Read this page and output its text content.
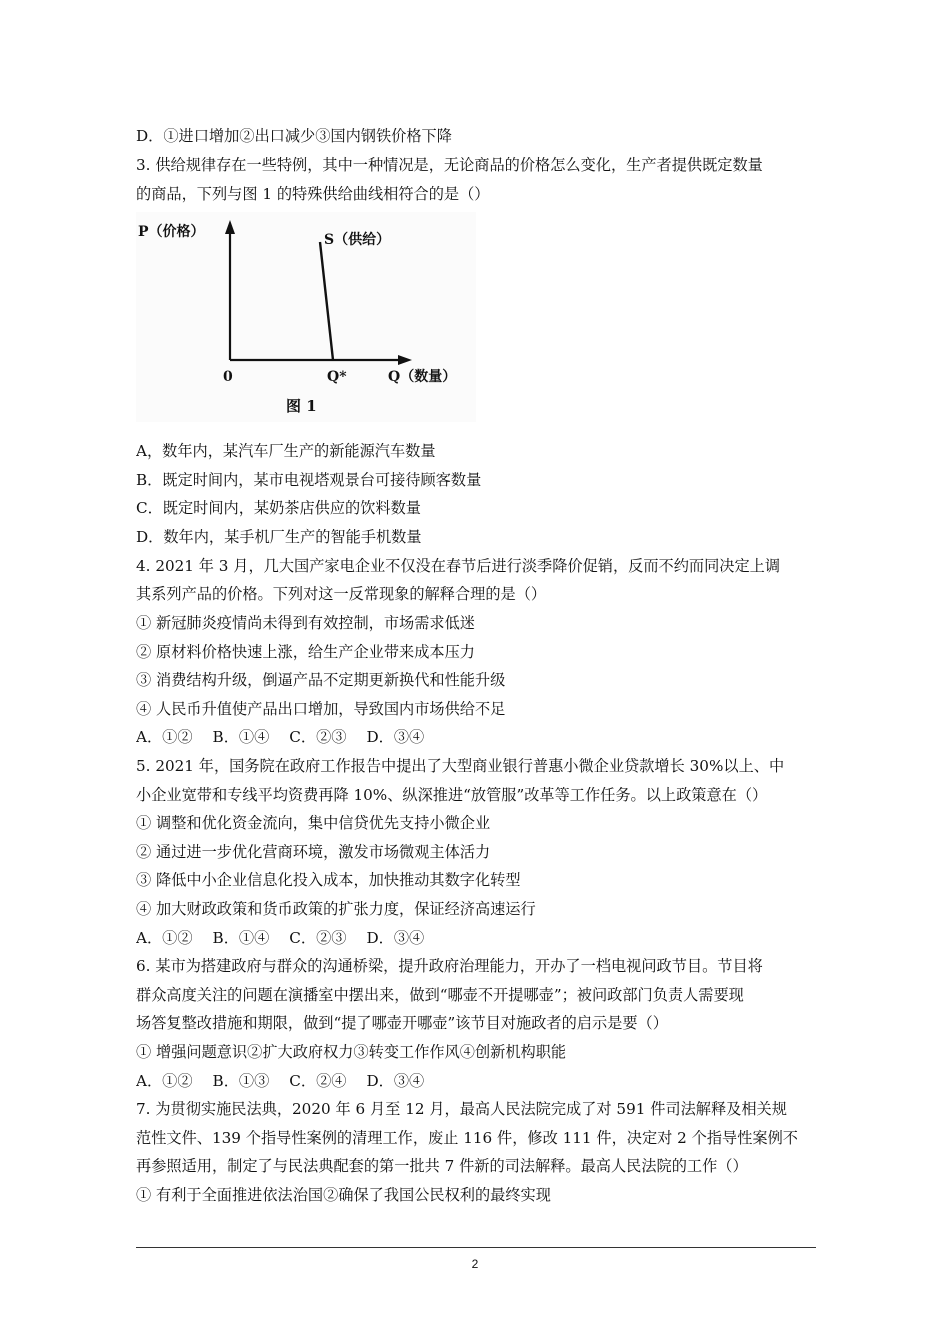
D．①进口增加②出口减少③国内钢铁价格下降
3. 供给规律存在一些特例，其中一种情况是，无论商品的价格怎么变化，生产者提供既定数量
的商品，下列与图 1 的特殊供给曲线相符合的是（）
P（价格）	S（供给）
0	Q*	Q（数量）
图 1
A，数年内，某汽车厂生产的新能源汽车数量
B．既定时间内，某市电视塔观景台可接待顾客数量
C．既定时间内，某奶茶店供应的饮料数量
D．数年内，某手机厂生产的智能手机数量
4. 2021 年 3 月，几大国产家电企业不仅没在春节后进行淡季降价促销，反而不约而同决定上调
其系列产品的价格。下列对这一反常现象的解释合理的是（）
① 新冠肺炎疫情尚未得到有效控制，市场需求低迷
② 原材料价格快速上涨，给生产企业带来成本压力
③ 消费结构升级，倒逼产品不定期更新换代和性能升级
④ 人民币升值使产品出口增加，导致国内市场供给不足
A．①②　 B．①④　 C．②③　 D．③④
5. 2021 年，国务院在政府工作报告中提出了大型商业银行普惠小微企业贷款增长 30%以上、中
小企业宽带和专线平均资费再降 10%、纵深推进“放管服”改革等工作任务。以上政策意在（）
① 调整和优化资金流向，集中信贷优先支持小微企业
② 通过进一步优化营商环境，激发市场微观主体活力
③ 降低中小企业信息化投入成本，加快推动其数字化转型
④ 加大财政政策和货币政策的扩张力度，保证经济高速运行
A．①②　 B．①④　 C．②③　 D．③④
6. 某市为搭建政府与群众的沟通桥梁，提升政府治理能力，开办了一档电视问政节目。节目将
群众高度关注的问题在演播室中摆出来，做到“哪壶不开提哪壶”；被问政部门负责人需要现
场答复整改措施和期限，做到“提了哪壶开哪壶”该节目对施政者的启示是要（）
① 增强问题意识②扩大政府权力③转变工作作风④创新机构职能
A．①②　 B．①③　 C．②④　 D．③④
7. 为贯彻实施民法典，2020 年 6 月至 12 月，最高人民法院完成了对 591 件司法解释及相关规
范性文件、139 个指导性案例的清理工作，废止 116 件，修改 111 件，决定对 2 个指导性案例不
再参照适用，制定了与民法典配套的第一批共 7 件新的司法解释。最高人民法院的工作（）
① 有利于全面推进依法治国②确保了我国公民权利的最终实现
2
